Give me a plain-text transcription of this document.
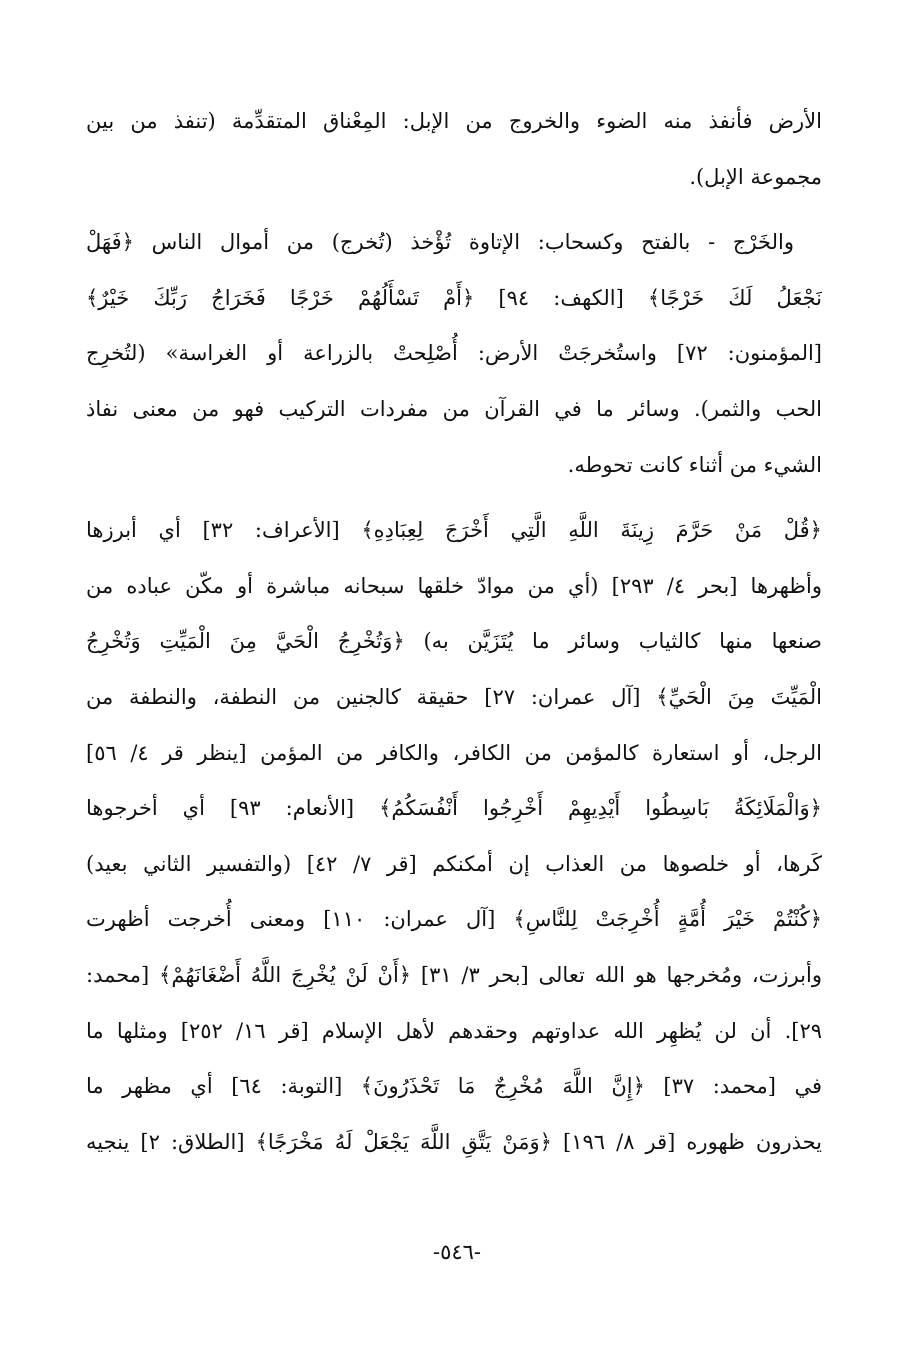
الأرض فأنفذ منه الضوء والخروج من الإبل: المِعْناق المتقدِّمة (تنفذ من بين
مجموعة الإبل).
والخَرْج - بالفتح وكسحاب: الإتاوة تُؤْخذ (تُخرج) من أموال الناس ﴿فَهَلْ
نَجْعَلُ لَكَ خَرْجًا﴾ [الكهف: ٩٤] ﴿أَمْ تَسْأَلُهُمْ خَرْجًا فَخَرَاجُ رَبِّكَ خَيْرٌ﴾
[المؤمنون: ٧٢] واستُخرجَتْ الأرض: أُصْلِحتْ بالزراعة أو الغراسة» (لتُخرِج
الحب والثمر). وسائر ما في القرآن من مفردات التركيب فهو من معنى نفاذ
الشيء من أثناء كانت تحوطه.
﴿قُلْ مَنْ حَرَّمَ زِينَةَ اللَّهِ الَّتِي أَخْرَجَ لِعِبَادِهِ﴾ [الأعراف: ٣٢] أي أبرزها
وأظهرها [بحر ٤/ ٢٩٣] (أي من موادّ خلقها سبحانه مباشرة أو مكّن عباده من
صنعها منها كالثياب وسائر ما يُتَزَيَّن به) ﴿وَتُخْرِجُ الْحَيَّ مِنَ الْمَيِّتِ وَتُخْرِجُ
الْمَيِّتَ مِنَ الْحَيِّ﴾ [آل عمران: ٢٧] حقيقة كالجنين من النطفة، والنطفة من
الرجل، أو استعارة كالمؤمن من الكافر، والكافر من المؤمن [ينظر قر ٤/ ٥٦]
﴿وَالْمَلَائِكَةُ بَاسِطُوا أَيْدِيهِمْ أَخْرِجُوا أَنْفُسَكُمُ﴾ [الأنعام: ٩٣] أي أخرجوها
كَرها، أو خلصوها من العذاب إن أمكنكم [قر ٧/ ٤٢] (والتفسير الثاني بعيد)
﴿كُنْتُمْ خَيْرَ أُمَّةٍ أُخْرِجَتْ لِلنَّاسِ﴾ [آل عمران: ١١٠] ومعنى أُخرجت أظهرت
وأبرزت، ومُخرجها هو الله تعالى [بحر ٣/ ٣١] ﴿أَنْ لَنْ يُخْرِجَ اللَّهُ أَضْغَانَهُمْ﴾ [محمد:
٢٩]. أن لن يُظهِر الله عداوتهم وحقدهم لأهل الإسلام [قر ١٦/ ٢٥٢] ومثلها ما
في [محمد: ٣٧] ﴿إِنَّ اللَّهَ مُخْرِجٌ مَا تَحْذَرُونَ﴾ [التوبة: ٦٤] أي مظهر ما
يحذرون ظهوره [قر ٨/ ١٩٦] ﴿وَمَنْ يَتَّقِ اللَّهَ يَجْعَلْ لَهُ مَخْرَجًا﴾ [الطلاق: ٢] ينجيه
-٥٤٦-
